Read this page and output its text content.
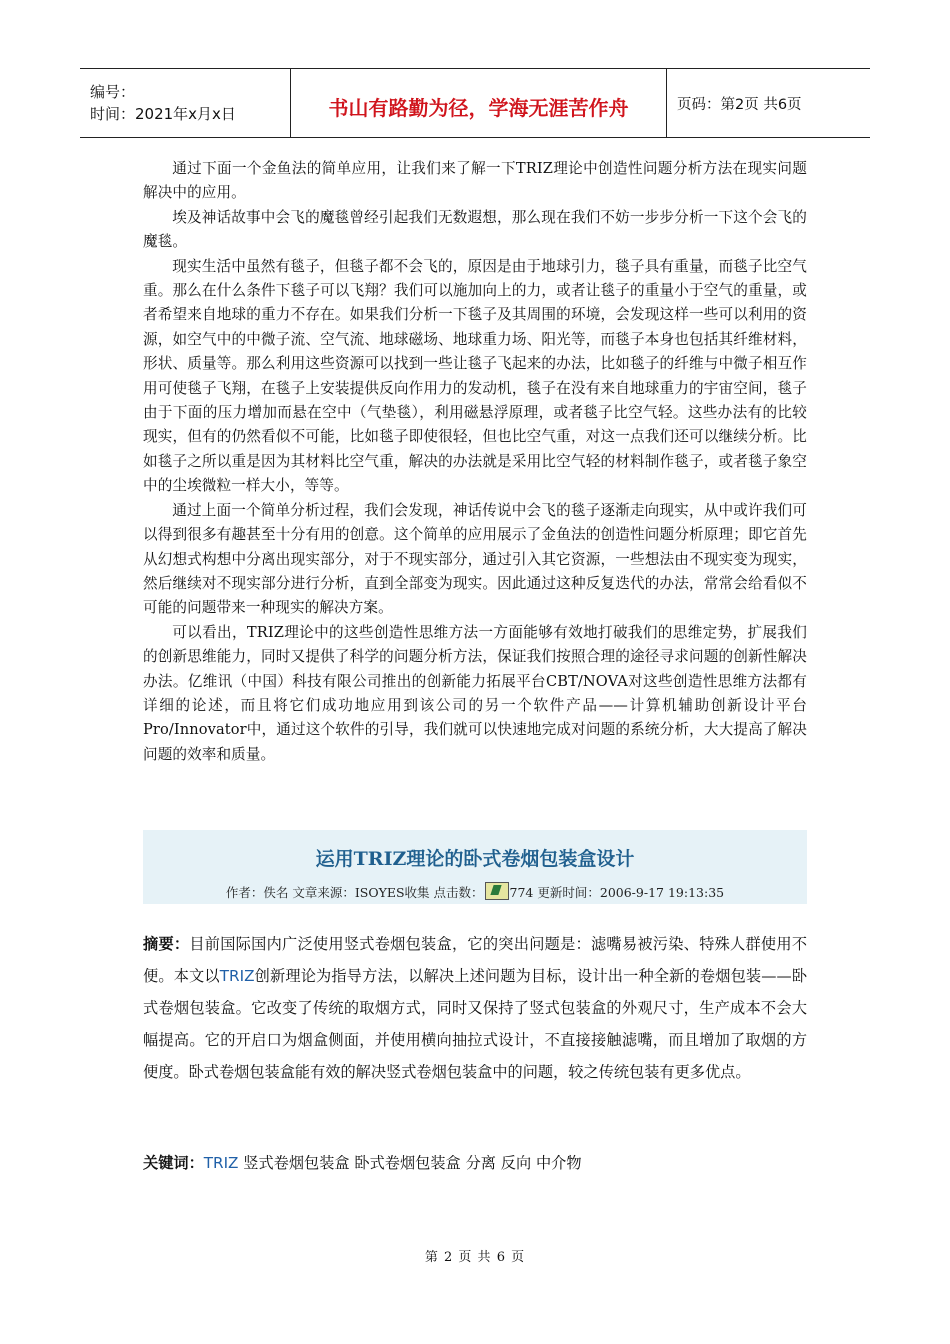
编号：
时间：2021年x月x日	书山有路勤为径，学海无涯苦作舟	页码：第2页 共6页

通过下面一个金鱼法的简单应用，让我们来了解一下TRIZ理论中创造性问题分析方法在现实问题解决中的应用。

埃及神话故事中会飞的魔毯曾经引起我们无数遐想，那么现在我们不妨一步步分析一下这个会飞的魔毯。

现实生活中虽然有毯子，但毯子都不会飞的，原因是由于地球引力，毯子具有重量，而毯子比空气重。那么在什么条件下毯子可以飞翔？我们可以施加向上的力，或者让毯子的重量小于空气的重量，或者希望来自地球的重力不存在。如果我们分析一下毯子及其周围的环境，会发现这样一些可以利用的资源，如空气中的中微子流、空气流、地球磁场、地球重力场、阳光等，而毯子本身也包括其纤维材料，形状、质量等。那么利用这些资源可以找到一些让毯子飞起来的办法，比如毯子的纤维与中微子相互作用可使毯子飞翔，在毯子上安装提供反向作用力的发动机，毯子在没有来自地球重力的宇宙空间，毯子由于下面的压力增加而悬在空中（气垫毯），利用磁悬浮原理，或者毯子比空气轻。这些办法有的比较现实，但有的仍然看似不可能，比如毯子即使很轻，但也比空气重，对这一点我们还可以继续分析。比如毯子之所以重是因为其材料比空气重，解决的办法就是采用比空气轻的材料制作毯子，或者毯子象空中的尘埃微粒一样大小，等等。

通过上面一个简单分析过程，我们会发现，神话传说中会飞的毯子逐渐走向现实，从中或许我们可以得到很多有趣甚至十分有用的创意。这个简单的应用展示了金鱼法的创造性问题分析原理；即它首先从幻想式构想中分离出现实部分，对于不现实部分，通过引入其它资源，一些想法由不现实变为现实，然后继续对不现实部分进行分析，直到全部变为现实。因此通过这种反复迭代的办法，常常会给看似不可能的问题带来一种现实的解决方案。

可以看出，TRIZ理论中的这些创造性思维方法一方面能够有效地打破我们的思维定势，扩展我们的创新思维能力，同时又提供了科学的问题分析方法，保证我们按照合理的途径寻求问题的创新性解决办法。亿维讯（中国）科技有限公司推出的创新能力拓展平台CBT/NOVA对这些创造性思维方法都有详细的论述，而且将它们成功地应用到该公司的另一个软件产品——计算机辅助创新设计平台Pro/Innovator中，通过这个软件的引导，我们就可以快速地完成对问题的系统分析，大大提高了解决问题的效率和质量。

运用TRIZ理论的卧式卷烟包装盒设计
作者：佚名 文章来源：ISOYES收集 点击数： 774 更新时间：2006-9-17 19:13:35
摘要：目前国际国内广泛使用竖式卷烟包装盒，它的突出问题是：滤嘴易被污染、特殊人群使用不便。本文以TRIZ创新理论为指导方法，以解决上述问题为目标，设计出一种全新的卷烟包装——卧式卷烟包装盒。它改变了传统的取烟方式，同时又保持了竖式包装盒的外观尺寸，生产成本不会大幅提高。它的开启口为烟盒侧面，并使用横向抽拉式设计，不直接接触滤嘴，而且增加了取烟的方便度。卧式卷烟包装盒能有效的解决竖式卷烟包装盒中的问题，较之传统包装有更多优点。
关键词：TRIZ 竖式卷烟包装盒 卧式卷烟包装盒 分离 反向 中介物
第 2 页 共 6 页
